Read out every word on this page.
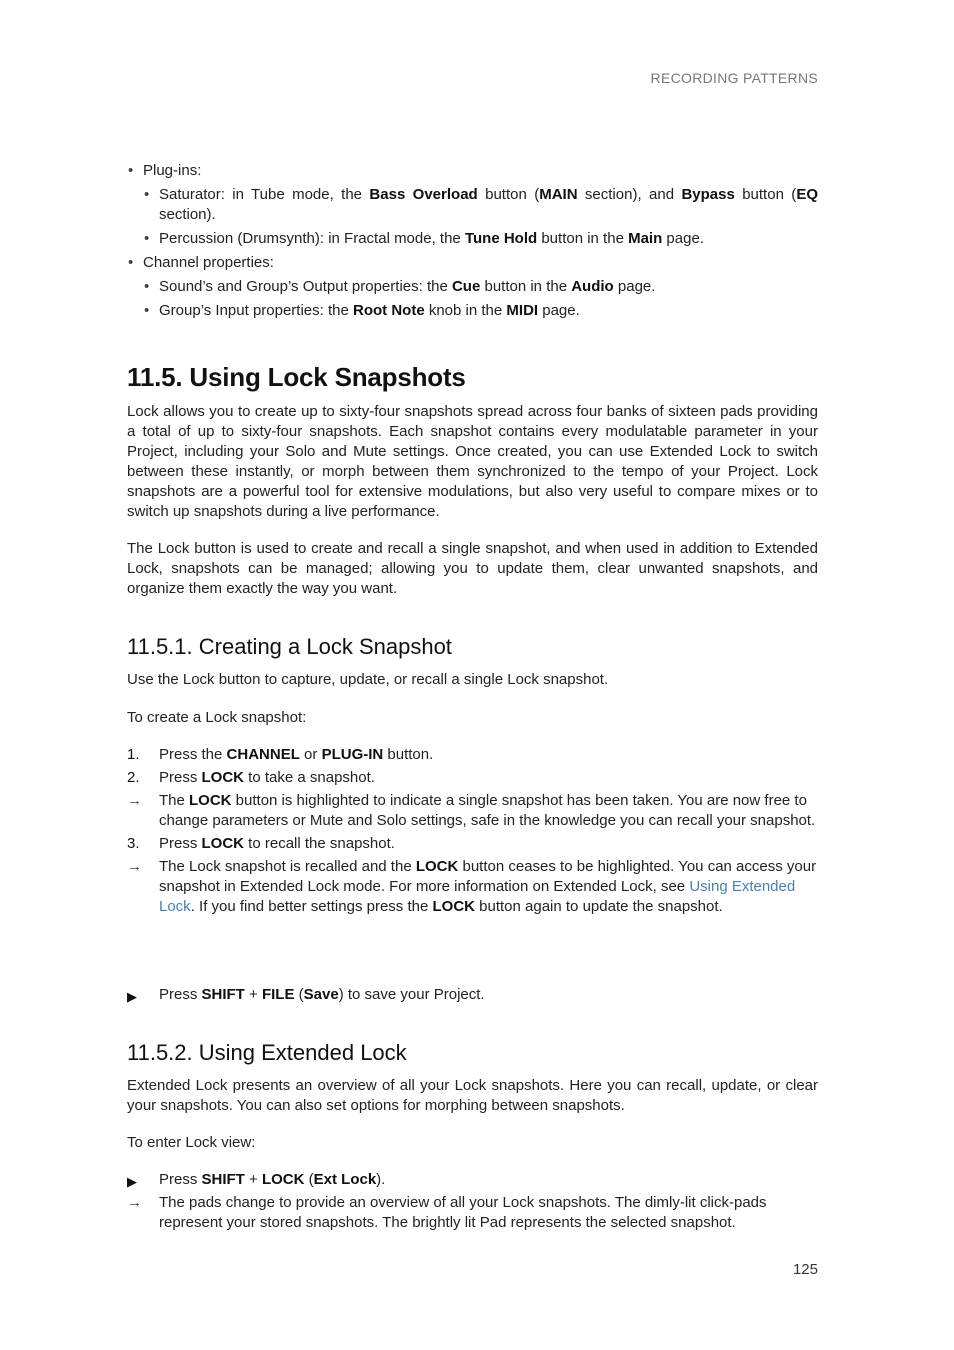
RECORDING PATTERNS
• Plug-ins:
• Saturator: in Tube mode, the Bass Overload button (MAIN section), and Bypass button (EQ section).
• Percussion (Drumsynth): in Fractal mode, the Tune Hold button in the Main page.
• Channel properties:
• Sound’s and Group’s Output properties: the Cue button in the Audio page.
• Group’s Input properties: the Root Note knob in the MIDI page.
11.5. Using Lock Snapshots

Lock allows you to create up to sixty-four snapshots spread across four banks of sixteen pads providing a total of up to sixty-four snapshots. Each snapshot contains every modulatable parameter in your Project, including your Solo and Mute settings. Once created, you can use Extended Lock to switch between these instantly, or morph between them synchronized to the tempo of your Project. Lock snapshots are a powerful tool for extensive modulations, but also very useful to compare mixes or to switch up snapshots during a live performance.

The Lock button is used to create and recall a single snapshot, and when used in addition to Extended Lock, snapshots can be managed; allowing you to update them, clear unwanted snapshots, and organize them exactly the way you want.

11.5.1. Creating a Lock Snapshot

Use the Lock button to capture, update, or recall a single Lock snapshot.

To create a Lock snapshot:

1. Press the CHANNEL or PLUG-IN button.
2. Press LOCK to take a snapshot.
→ The LOCK button is highlighted to indicate a single snapshot has been taken. You are now free to change parameters or Mute and Solo settings, safe in the knowledge you can recall your snapshot.
3. Press LOCK to recall the snapshot.
→ The Lock snapshot is recalled and the LOCK button ceases to be highlighted. You can access your snapshot in Extended Lock mode. For more information on Extended Lock, see Using Extended Lock. If you find better settings press the LOCK button again to update the snapshot.
▶ Press SHIFT + FILE (Save) to save your Project.
11.5.2. Using Extended Lock

Extended Lock presents an overview of all your Lock snapshots. Here you can recall, update, or clear your snapshots. You can also set options for morphing between snapshots.

To enter Lock view:

▶ Press SHIFT + LOCK (Ext Lock).
→ The pads change to provide an overview of all your Lock snapshots. The dimly-lit click-pads represent your stored snapshots. The brightly lit Pad represents the selected snapshot.
125
